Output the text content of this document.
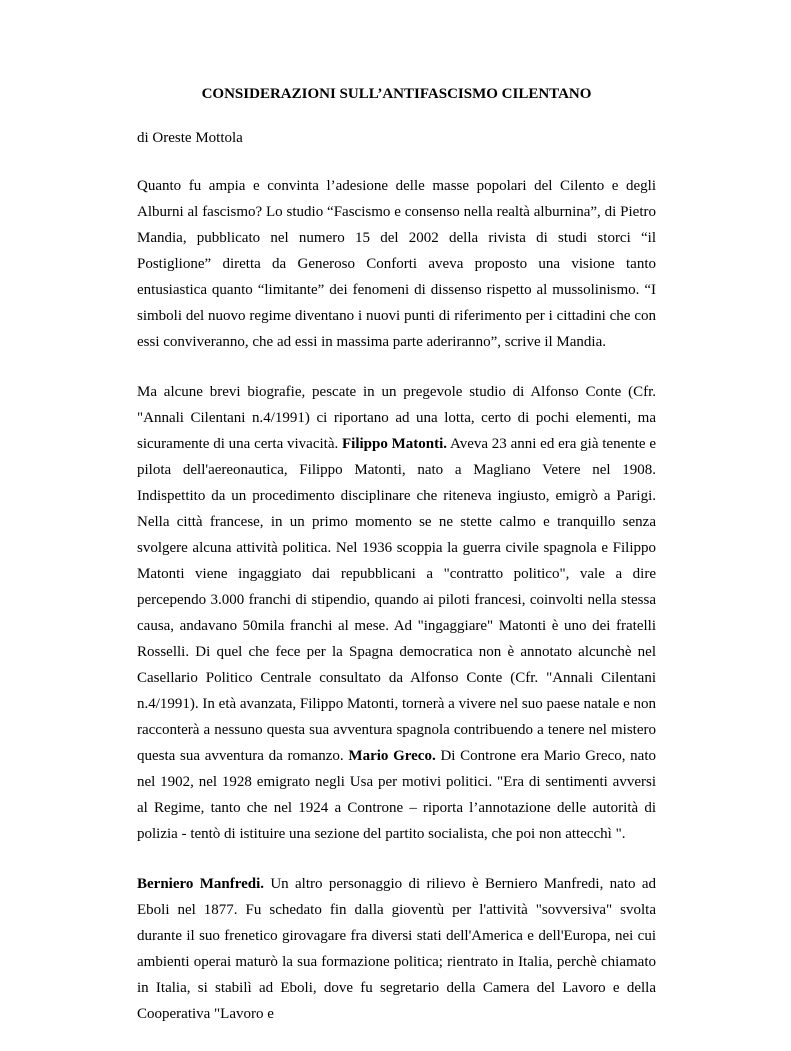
CONSIDERAZIONI SULL’ANTIFASCISMO CILENTANO
di Oreste Mottola

Quanto fu ampia e convinta l’adesione delle masse popolari del Cilento e degli Alburni al fascismo? Lo studio “Fascismo e consenso nella realtà alburnina”, di Pietro Mandia, pubblicato nel numero 15 del 2002 della rivista di studi storci “il Postiglione” diretta da Generoso Conforti aveva proposto una visione tanto entusiastica quanto “limitante” dei fenomeni di dissenso rispetto al mussolinismo. “I simboli del nuovo regime diventano i nuovi punti di riferimento per i cittadini che con essi conviveranno, che ad essi in massima parte aderiranno”, scrive il Mandia.

Ma alcune brevi biografie, pescate in un pregevole studio di Alfonso Conte (Cfr. "Annali Cilentani n.4/1991) ci riportano ad una lotta, certo di pochi elementi, ma sicuramente di una certa vivacità. Filippo Matonti. Aveva 23 anni ed era già tenente e pilota dell'aereonautica, Filippo Matonti, nato a Magliano Vetere nel 1908. Indispettito da un procedimento disciplinare che riteneva ingiusto, emigrò a Parigi. Nella città francese, in un primo momento se ne stette calmo e tranquillo senza svolgere alcuna attività politica. Nel 1936 scoppia la guerra civile spagnola e Filippo Matonti viene ingaggiato dai repubblicani a "contratto politico", vale a dire percependo 3.000 franchi di stipendio, quando ai piloti francesi, coinvolti nella stessa causa, andavano 50mila franchi al mese. Ad "ingaggiare" Matonti è uno dei fratelli Rosselli. Di quel che fece per la Spagna democratica non è annotato alcunchè nel Casellario Politico Centrale consultato da Alfonso Conte (Cfr. "Annali Cilentani n.4/1991). In età avanzata, Filippo Matonti, tornerà a vivere nel suo paese natale e non racconterà a nessuno questa sua avventura spagnola contribuendo a tenere nel mistero questa sua avventura da romanzo. Mario Greco. Di Controne era Mario Greco, nato nel 1902, nel 1928 emigrato negli Usa per motivi politici. "Era di sentimenti avversi al Regime, tanto che nel 1924 a Controne – riporta l’annotazione delle autorità di polizia - tentò di istituire una sezione del partito socialista, che poi non attecchì ".

Berniero Manfredi. Un altro personaggio di rilievo è Berniero Manfredi, nato ad Eboli nel 1877. Fu schedato fin dalla gioventù per l'attività "sovversiva" svolta durante il suo frenetico girovagare fra diversi stati dell'America e dell'Europa, nei cui ambienti operai maturò la sua formazione politica; rientrato in Italia, perchè chiamato in Italia, si stabilì ad Eboli, dove fu segretario della Camera del Lavoro e della Cooperativa "Lavoro e
